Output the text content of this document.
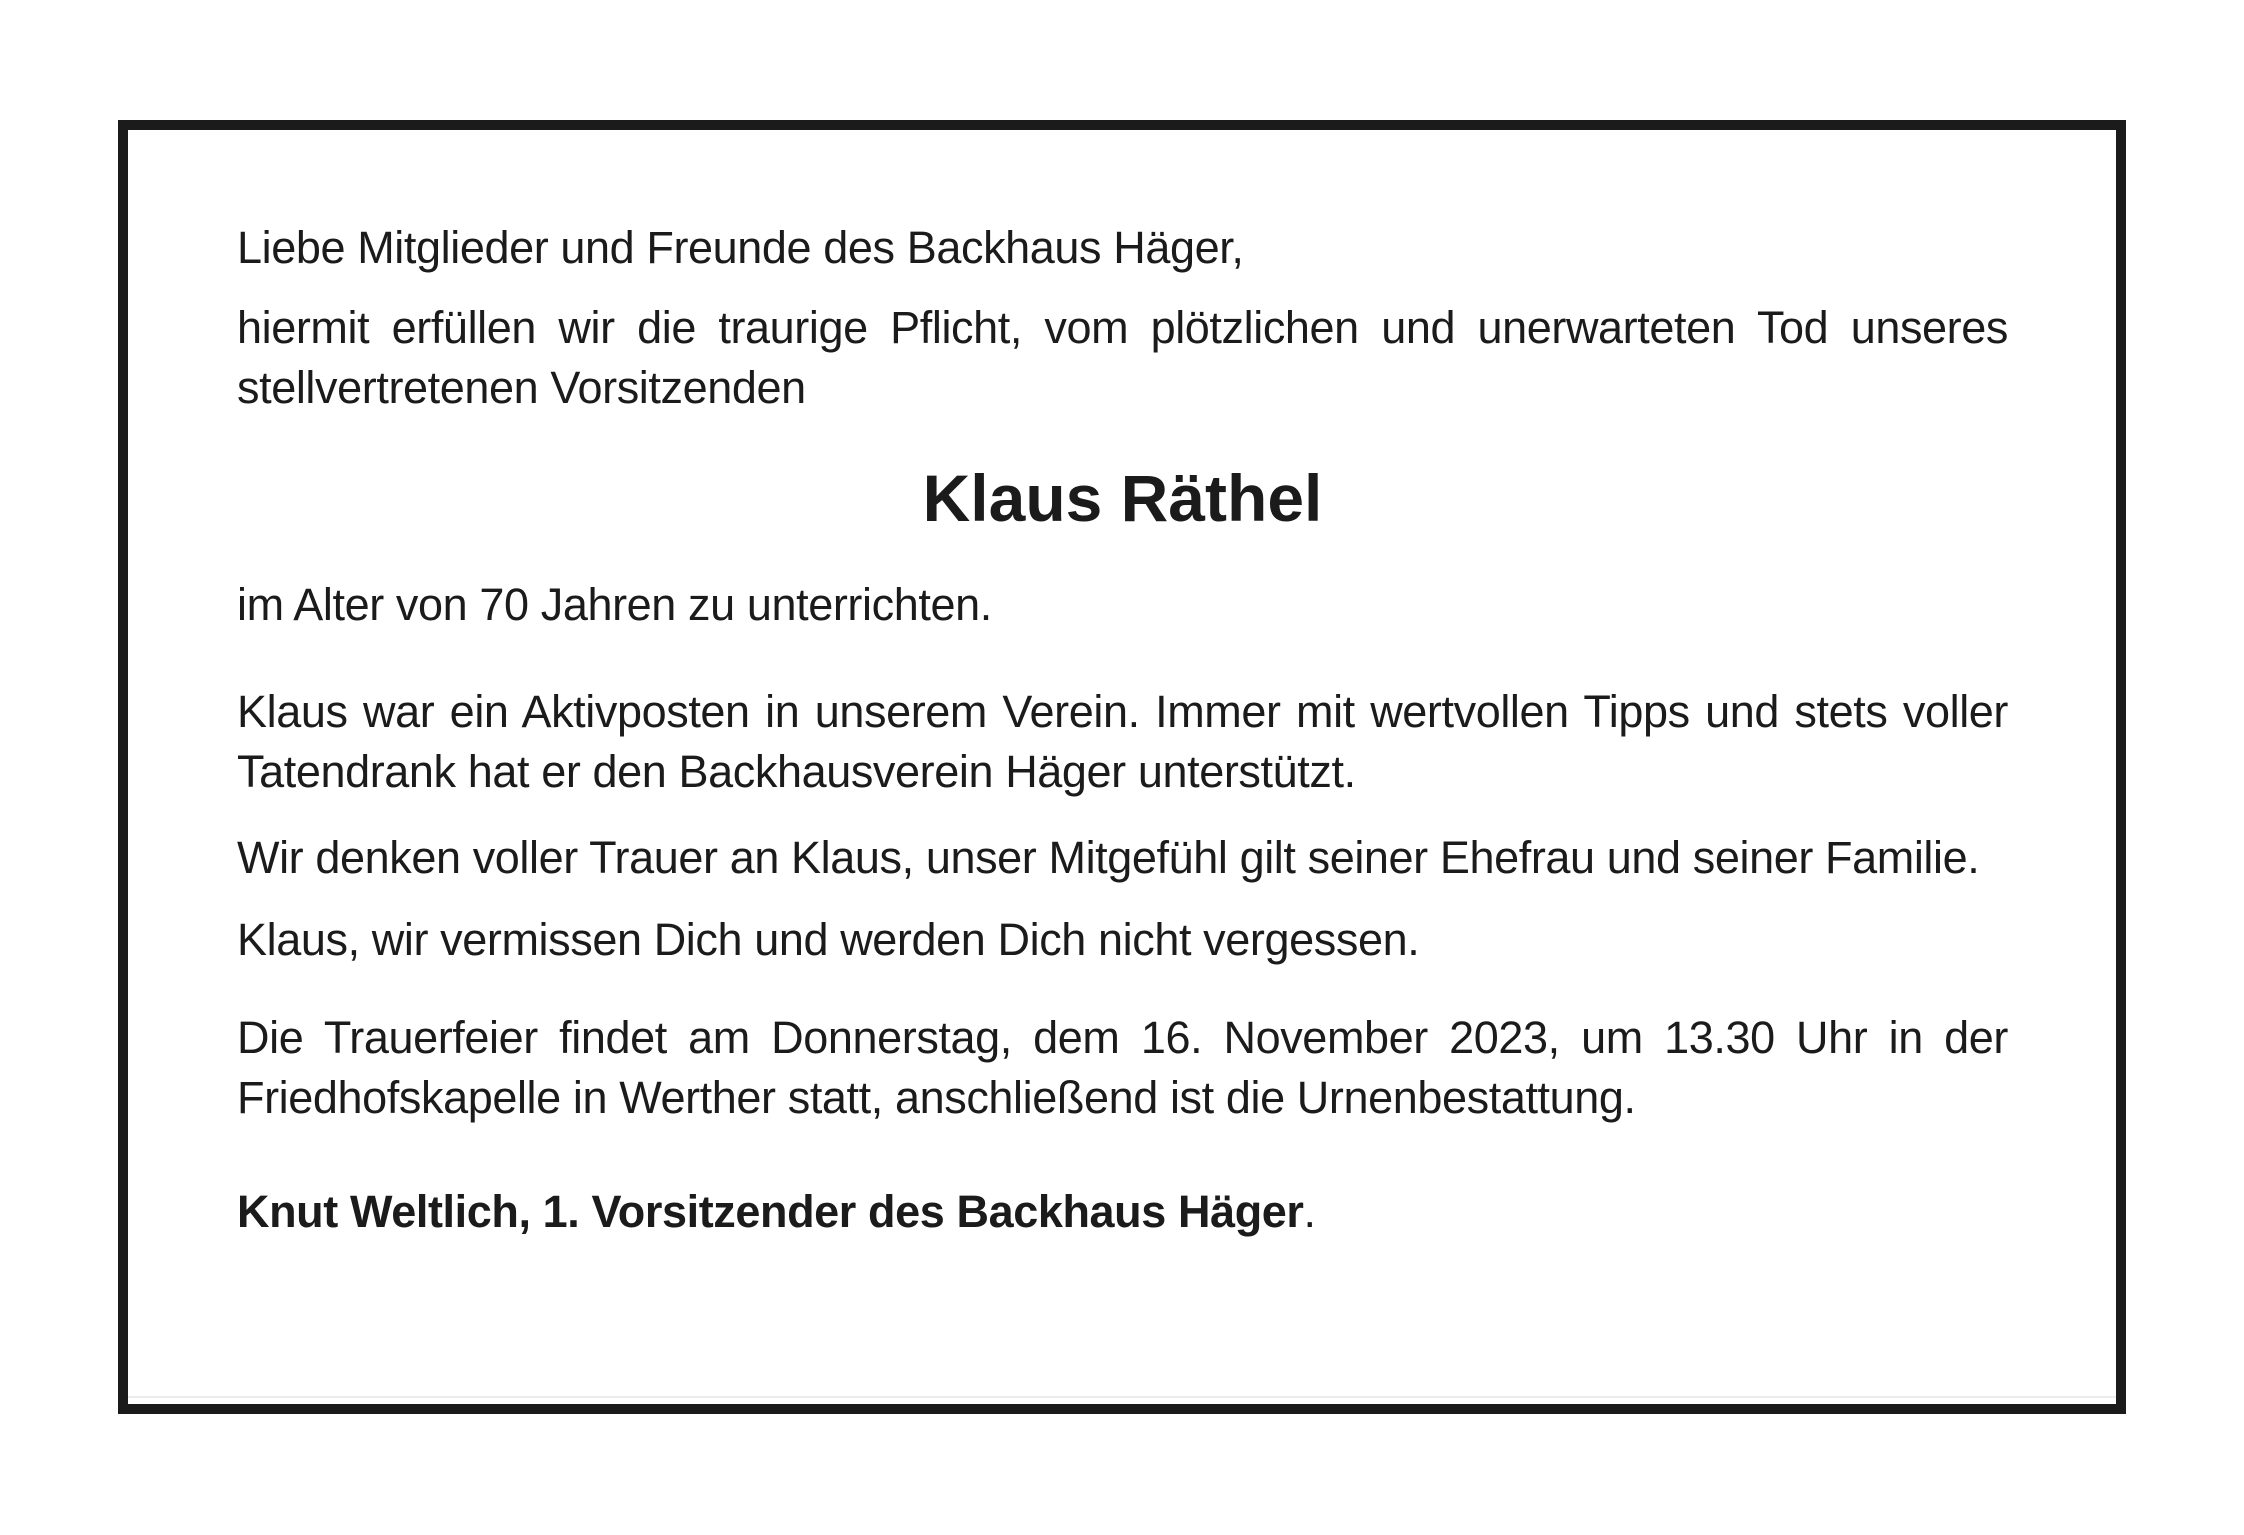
Liebe Mitglieder und Freunde des Backhaus Häger,

hiermit erfüllen wir die traurige Pflicht, vom plötzlichen und unerwarteten Tod unseres stellvertretenen Vorsitzenden

Klaus Räthel

im Alter von 70 Jahren zu unterrichten.

Klaus war ein Aktivposten in unserem Verein. Immer mit wertvollen Tipps und stets voller Tatendrank hat er den Backhausverein Häger unterstützt.

Wir denken voller Trauer an Klaus, unser Mitgefühl gilt seiner Ehefrau und seiner Familie.

Klaus, wir vermissen Dich und werden Dich nicht vergessen.

Die Trauerfeier findet am Donnerstag, dem 16. November 2023, um 13.30 Uhr in der Friedhofskapelle in Werther statt, anschließend ist die Urnenbestattung.

Knut Weltlich, 1. Vorsitzender des Backhaus Häger.
